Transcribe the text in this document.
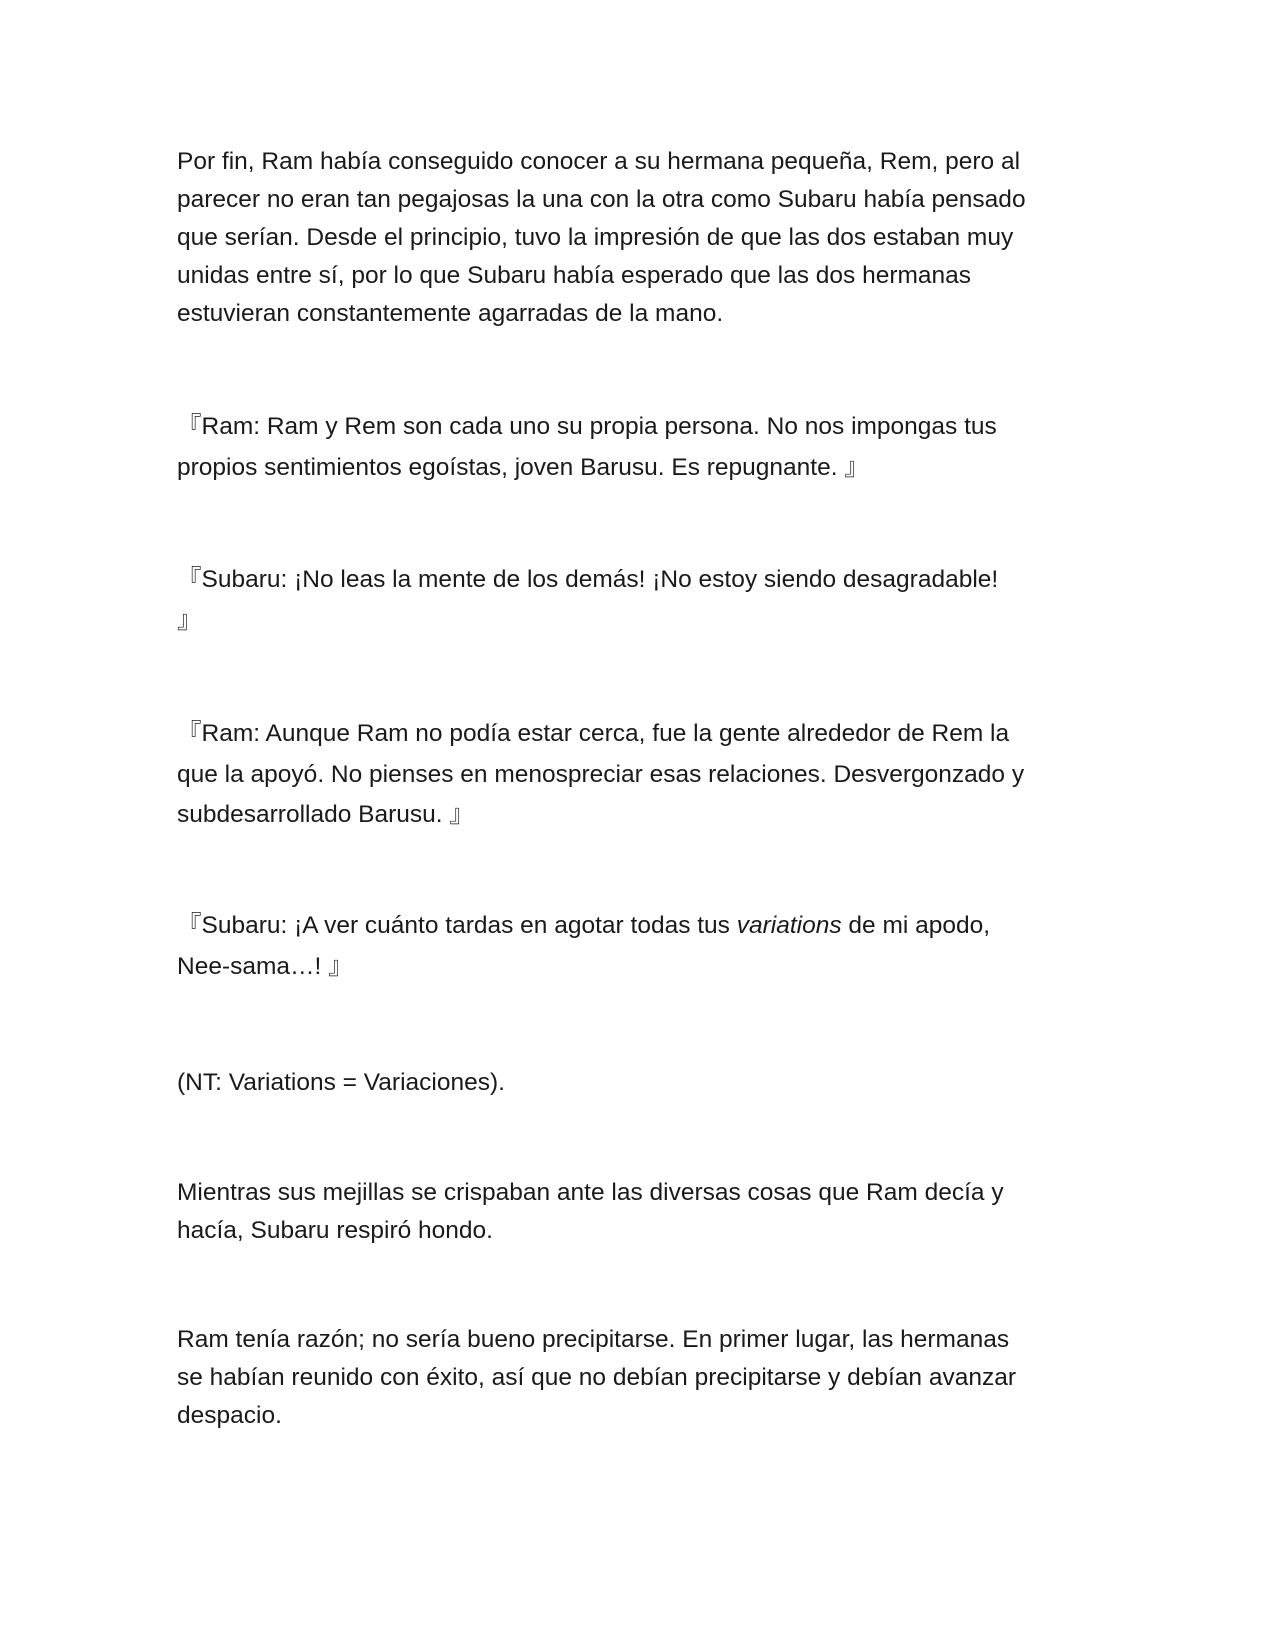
Por fin, Ram había conseguido conocer a su hermana pequeña, Rem, pero al
parecer no eran tan pegajosas la una con la otra como Subaru había pensado
que serían. Desde el principio, tuvo la impresión de que las dos estaban muy
unidas entre sí, por lo que Subaru había esperado que las dos hermanas
estuvieran constantemente agarradas de la mano.

『Ram: Ram y Rem son cada uno su propia persona. No nos impongas tus
propios sentimientos egoístas, joven Barusu. Es repugnante. 』

『Subaru: ¡No leas la mente de los demás! ¡No estoy siendo desagradable!
』

『Ram: Aunque Ram no podía estar cerca, fue la gente alrededor de Rem la
que la apoyó. No pienses en menospreciar esas relaciones. Desvergonzado y
subdesarrollado Barusu. 』

『Subaru: ¡A ver cuánto tardas en agotar todas tus variations de mi apodo,
Nee-sama…! 』

(NT: Variations = Variaciones).

Mientras sus mejillas se crispaban ante las diversas cosas que Ram decía y
hacía, Subaru respiró hondo.

Ram tenía razón; no sería bueno precipitarse. En primer lugar, las hermanas
se habían reunido con éxito, así que no debían precipitarse y debían avanzar
despacio.
